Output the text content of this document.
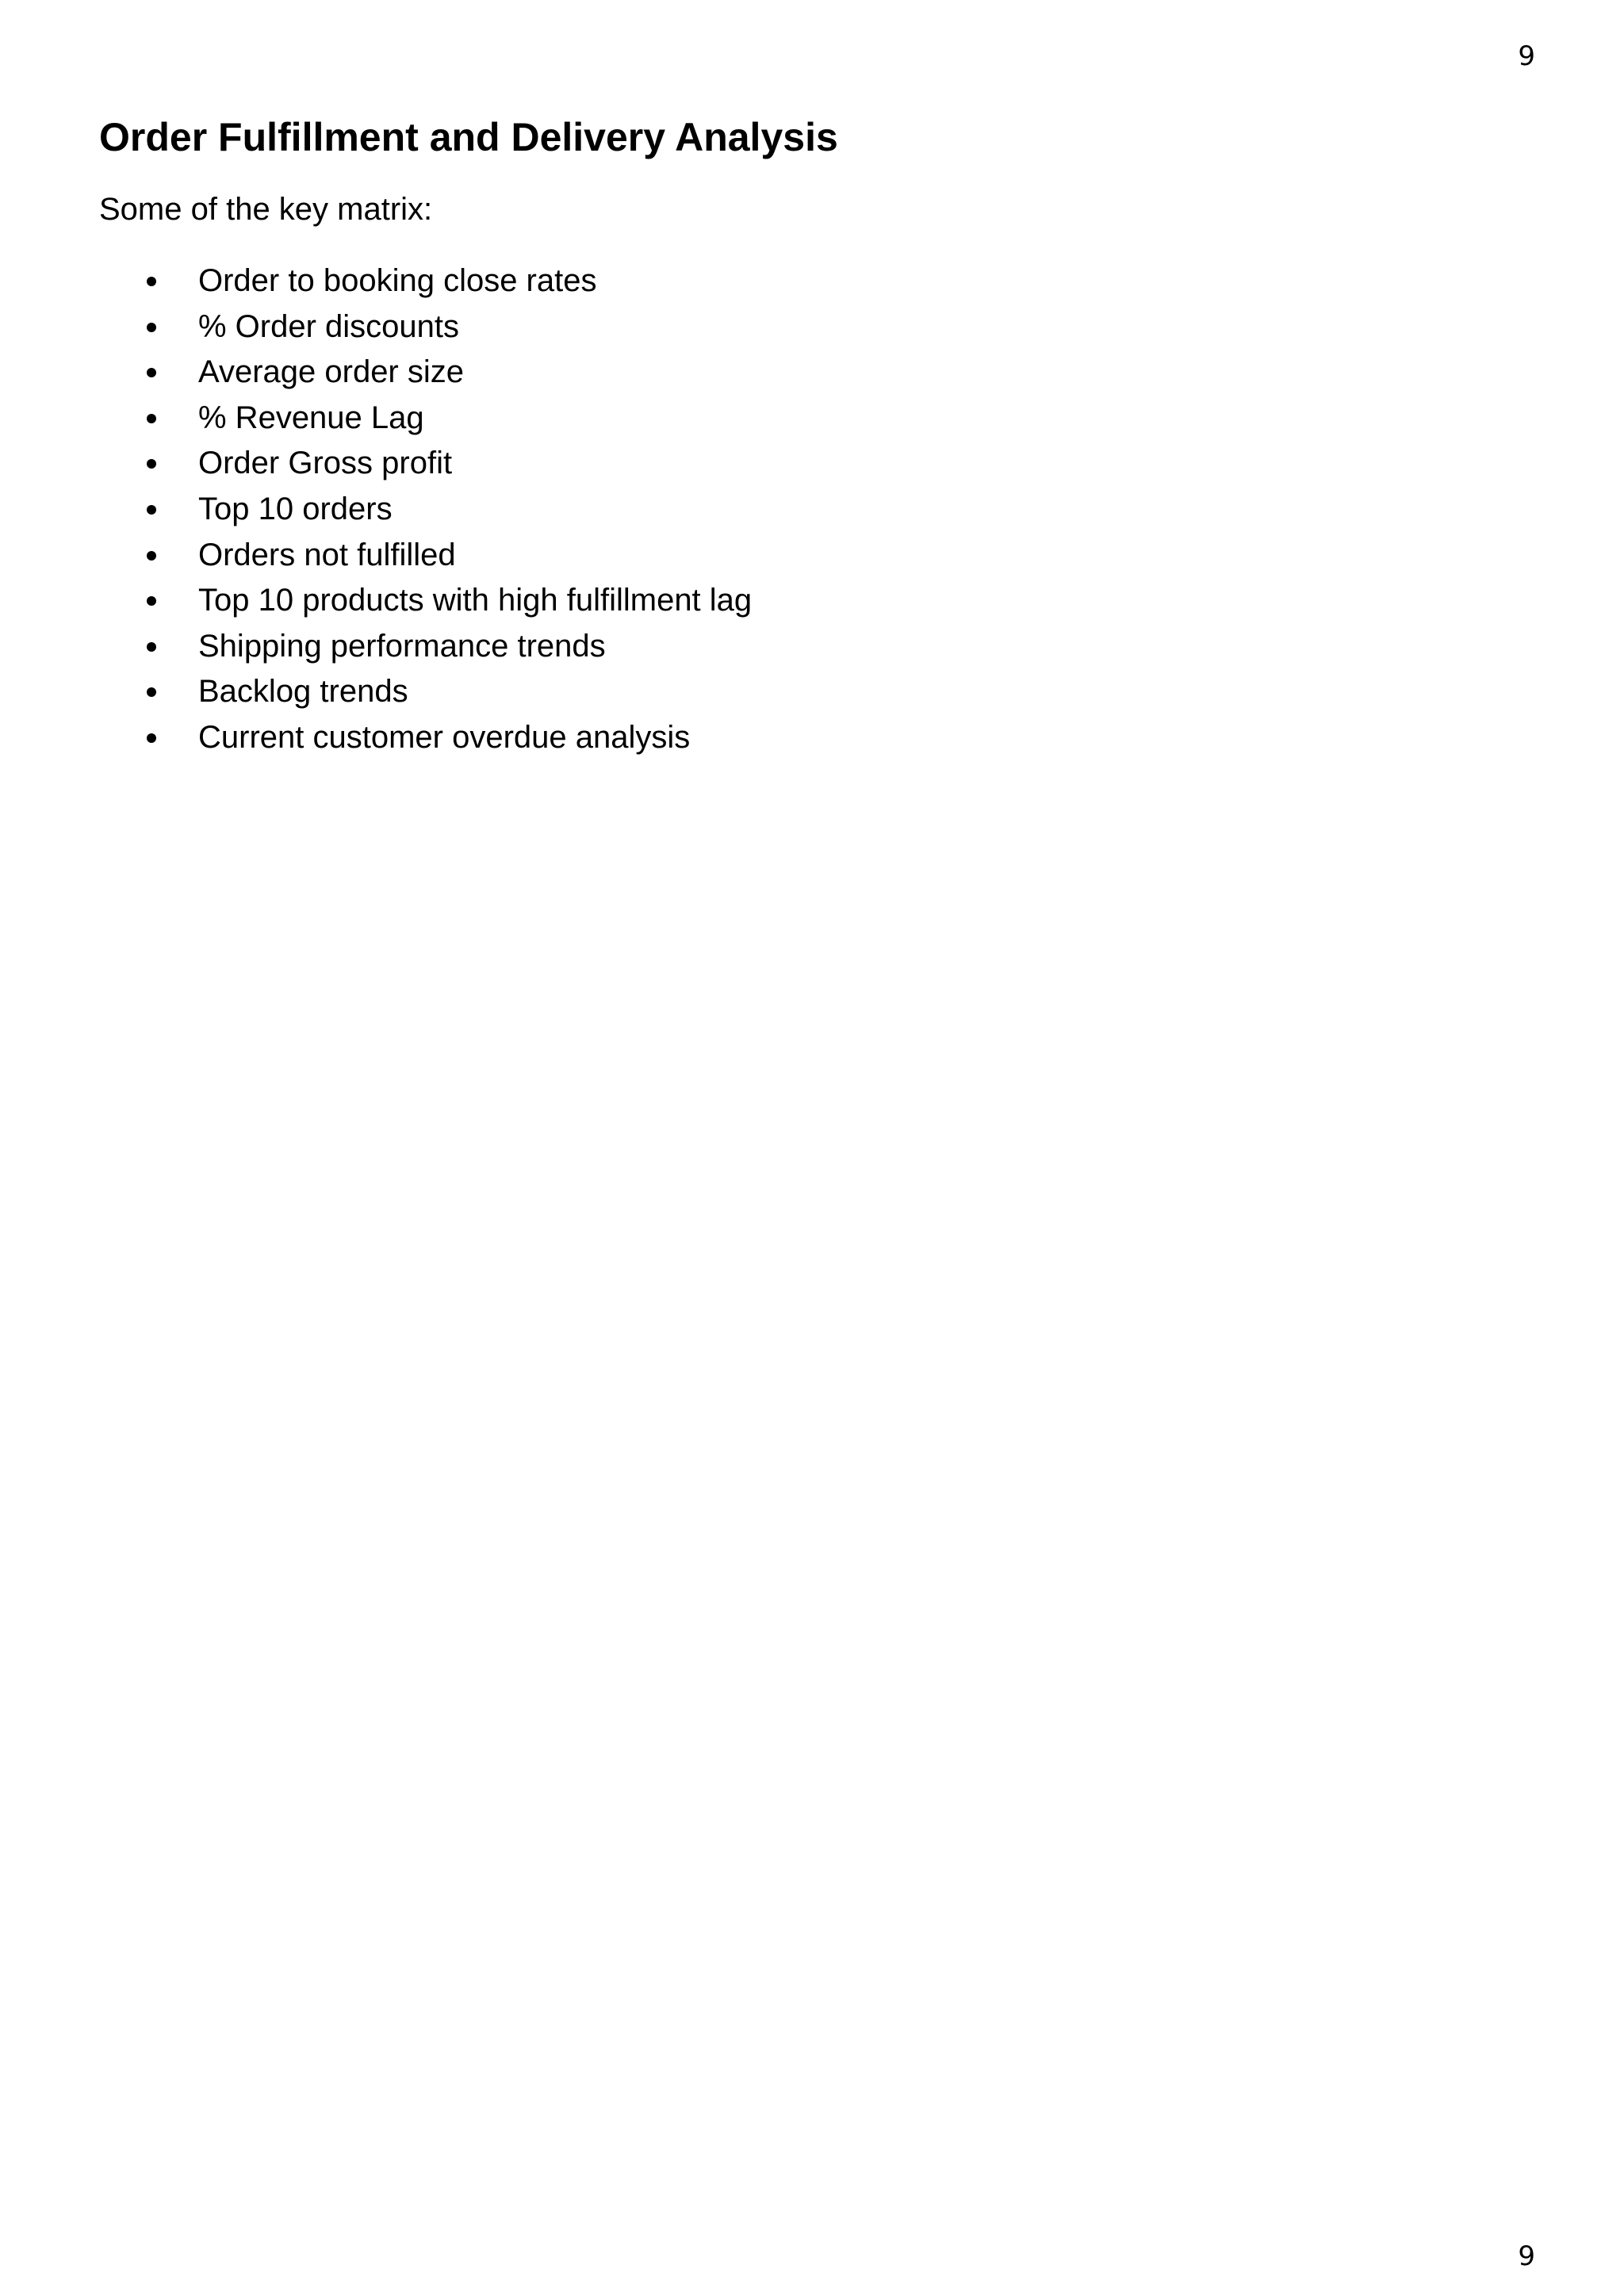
9
Order Fulfillment and Delivery Analysis

Some of the key matrix:

Order to booking close rates
% Order discounts
Average order size
% Revenue Lag
Order Gross profit
Top 10 orders
Orders not fulfilled
Top 10 products with high fulfillment lag
Shipping performance trends
Backlog trends
Current customer overdue analysis
9
